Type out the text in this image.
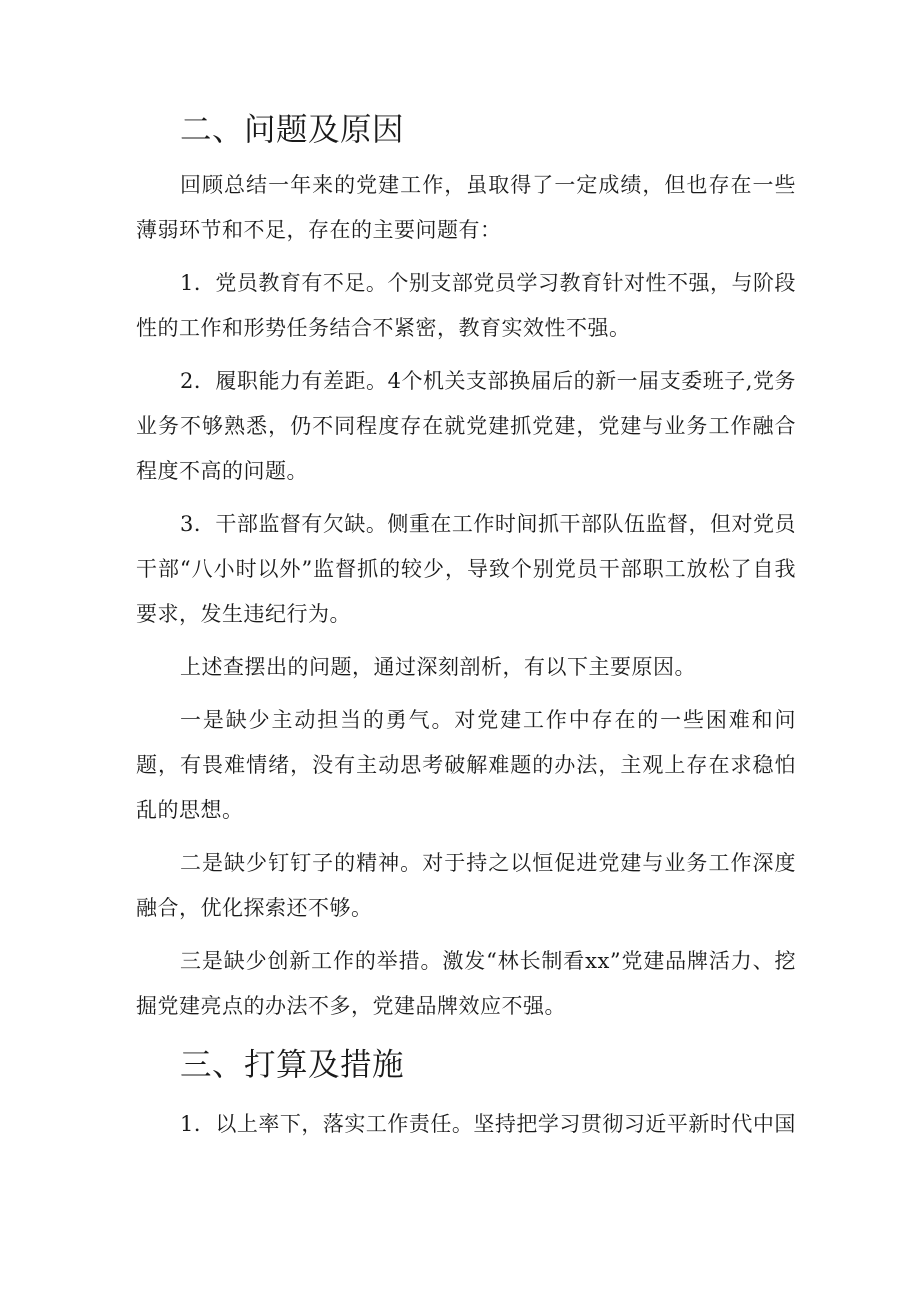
二、问题及原因

回顾总结一年来的党建工作，虽取得了一定成绩，但也存在一些薄弱环节和不足，存在的主要问题有：

1．党员教育有不足。个别支部党员学习教育针对性不强，与阶段性的工作和形势任务结合不紧密，教育实效性不强。

2．履职能力有差距。4个机关支部换届后的新一届支委班子,党务业务不够熟悉，仍不同程度存在就党建抓党建，党建与业务工作融合程度不高的问题。

3．干部监督有欠缺。侧重在工作时间抓干部队伍监督，但对党员干部“八小时以外”监督抓的较少，导致个别党员干部职工放松了自我要求，发生违纪行为。

上述查摆出的问题，通过深刻剖析，有以下主要原因。

一是缺少主动担当的勇气。对党建工作中存在的一些困难和问题，有畏难情绪，没有主动思考破解难题的办法，主观上存在求稳怕乱的思想。

二是缺少钉钉子的精神。对于持之以恒促进党建与业务工作深度融合，优化探索还不够。

三是缺少创新工作的举措。激发“林长制看xx”党建品牌活力、挖掘党建亮点的办法不多，党建品牌效应不强。

三、打算及措施

1．以上率下，落实工作责任。坚持把学习贯彻习近平新时代中国
